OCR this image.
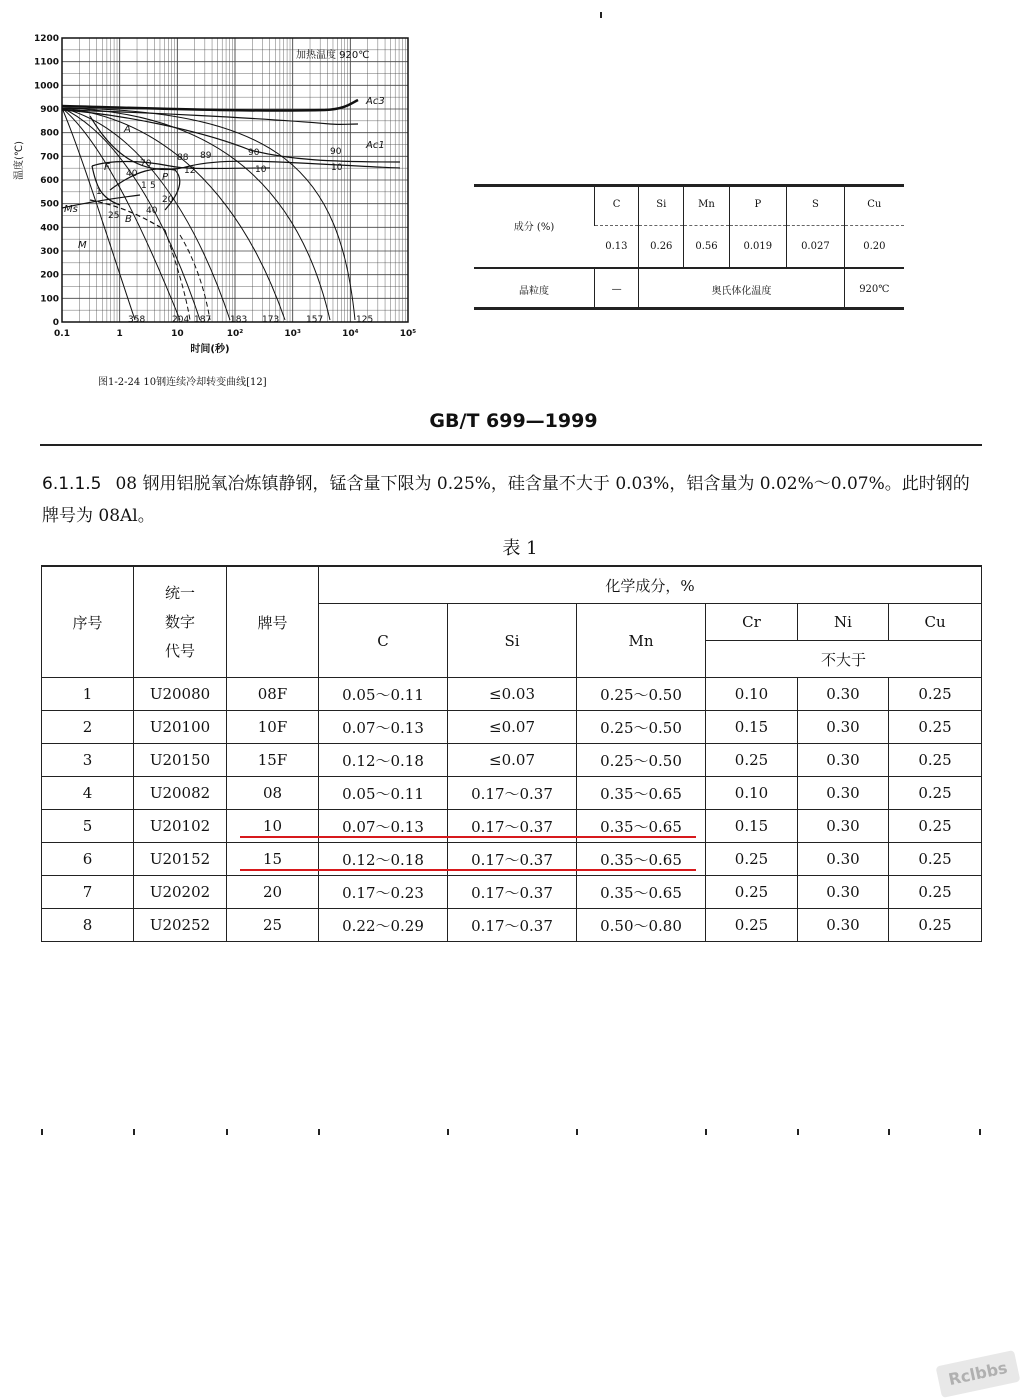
1200
1100
1000
900
800
700
600
500
400
300
200
100
0
0.1	1	10	10²	10³	10⁴	10⁵
温度(℃)
时间(秒)
加热温度 920℃
Ac3
Ac1
Ms
M
A
F
B
P
70
88 89	90	90
40	12	10	10
1
5
20
25	40
1
358	204 187 183 173	157	125
图1-2-24 10钢连续冷却转变曲线[12]
成分 (%)	C	Si	Mn	P	S	Cu
	0.13	0.26	0.56	0.019	0.027	0.20
晶粒度	—	奥氏体化温度				920℃
GB/T 699—1999
6.1.1.5 08 钢用铝脱氧冶炼镇静钢，锰含量下限为 0.25%，硅含量不大于 0.03%，铝含量为 0.02%～0.07%。此时钢的牌号为 08Al。
表 1
序号	统一
数字
代号	牌号	化学成分，%					
			C	Si	Mn	Cr	Ni	Cu
						不大于		
1	U20080	08F	0.05～0.11	≤0.03	0.25～0.50	0.10	0.30	0.25
2	U20100	10F	0.07～0.13	≤0.07	0.25～0.50	0.15	0.30	0.25
3	U20150	15F	0.12～0.18	≤0.07	0.25～0.50	0.25	0.30	0.25
4	U20082	08	0.05～0.11	0.17～0.37	0.35～0.65	0.10	0.30	0.25
5	U20102	10	0.07～0.13	0.17～0.37	0.35～0.65	0.15	0.30	0.25
6	U20152	15	0.12～0.18	0.17～0.37	0.35～0.65	0.25	0.30	0.25
7	U20202	20	0.17～0.23	0.17～0.37	0.35～0.65	0.25	0.30	0.25
8	U20252	25	0.22～0.29	0.17～0.37	0.50～0.80	0.25	0.30	0.25
Rclbbs
